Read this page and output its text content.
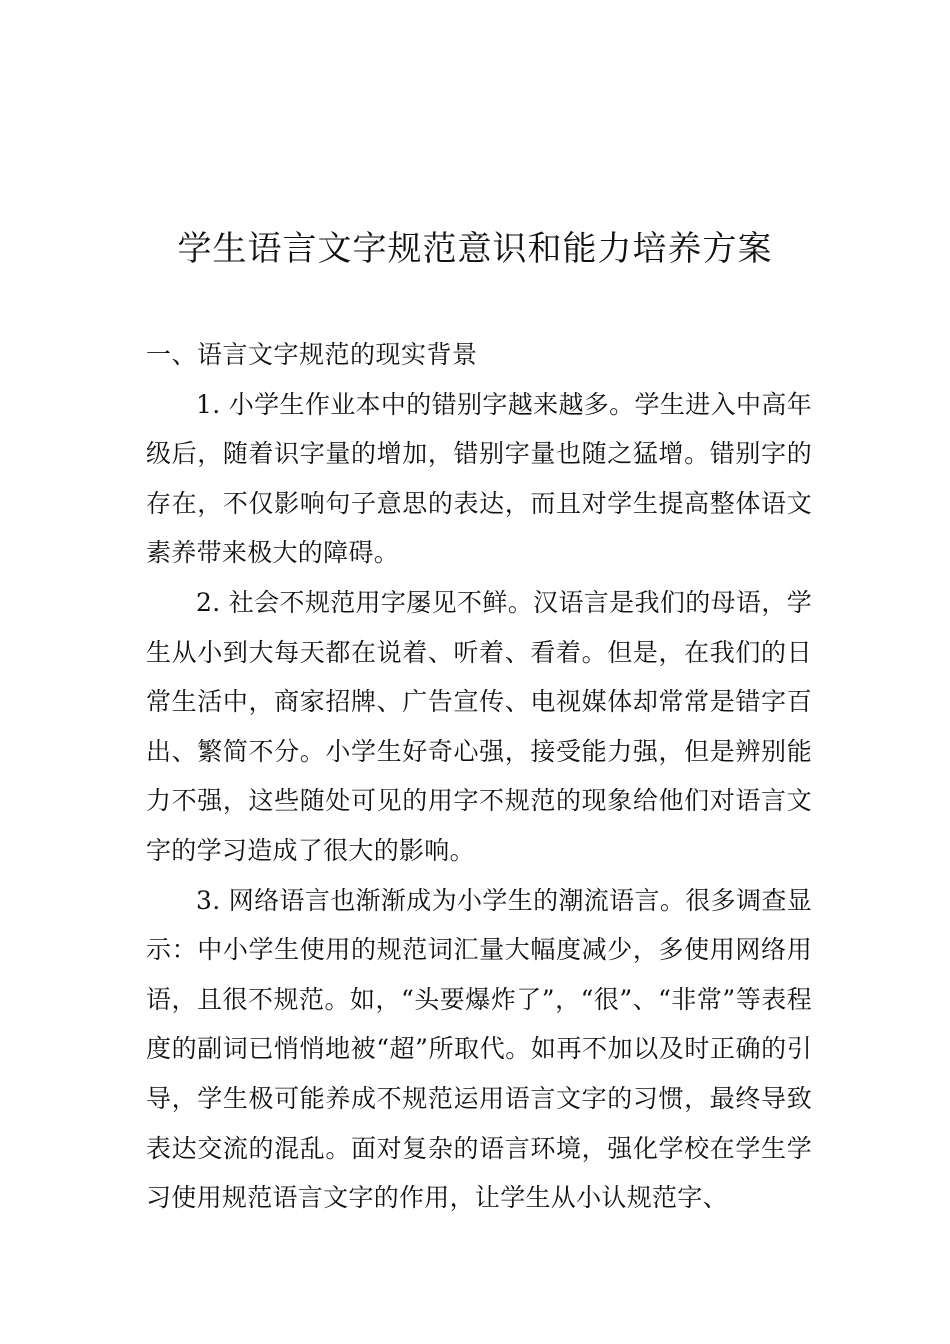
学生语言文字规范意识和能力培养方案
一、语言文字规范的现实背景

1. 小学生作业本中的错别字越来越多。学生进入中高年级后，随着识字量的增加，错别字量也随之猛增。错别字的存在，不仅影响句子意思的表达，而且对学生提高整体语文素养带来极大的障碍。

2. 社会不规范用字屡见不鲜。汉语言是我们的母语，学生从小到大每天都在说着、听着、看着。但是，在我们的日常生活中，商家招牌、广告宣传、电视媒体却常常是错字百出、繁简不分。小学生好奇心强，接受能力强，但是辨别能力不强，这些随处可见的用字不规范的现象给他们对语言文字的学习造成了很大的影响。

3. 网络语言也渐渐成为小学生的潮流语言。很多调查显示：中小学生使用的规范词汇量大幅度减少，多使用网络用语，且很不规范。如，“头要爆炸了”，“很”、“非常”等表程度的副词已悄悄地被“超”所取代。如再不加以及时正确的引导，学生极可能养成不规范运用语言文字的习惯，最终导致表达交流的混乱。面对复杂的语言环境，强化学校在学生学习使用规范语言文字的作用，让学生从小认规范字、
